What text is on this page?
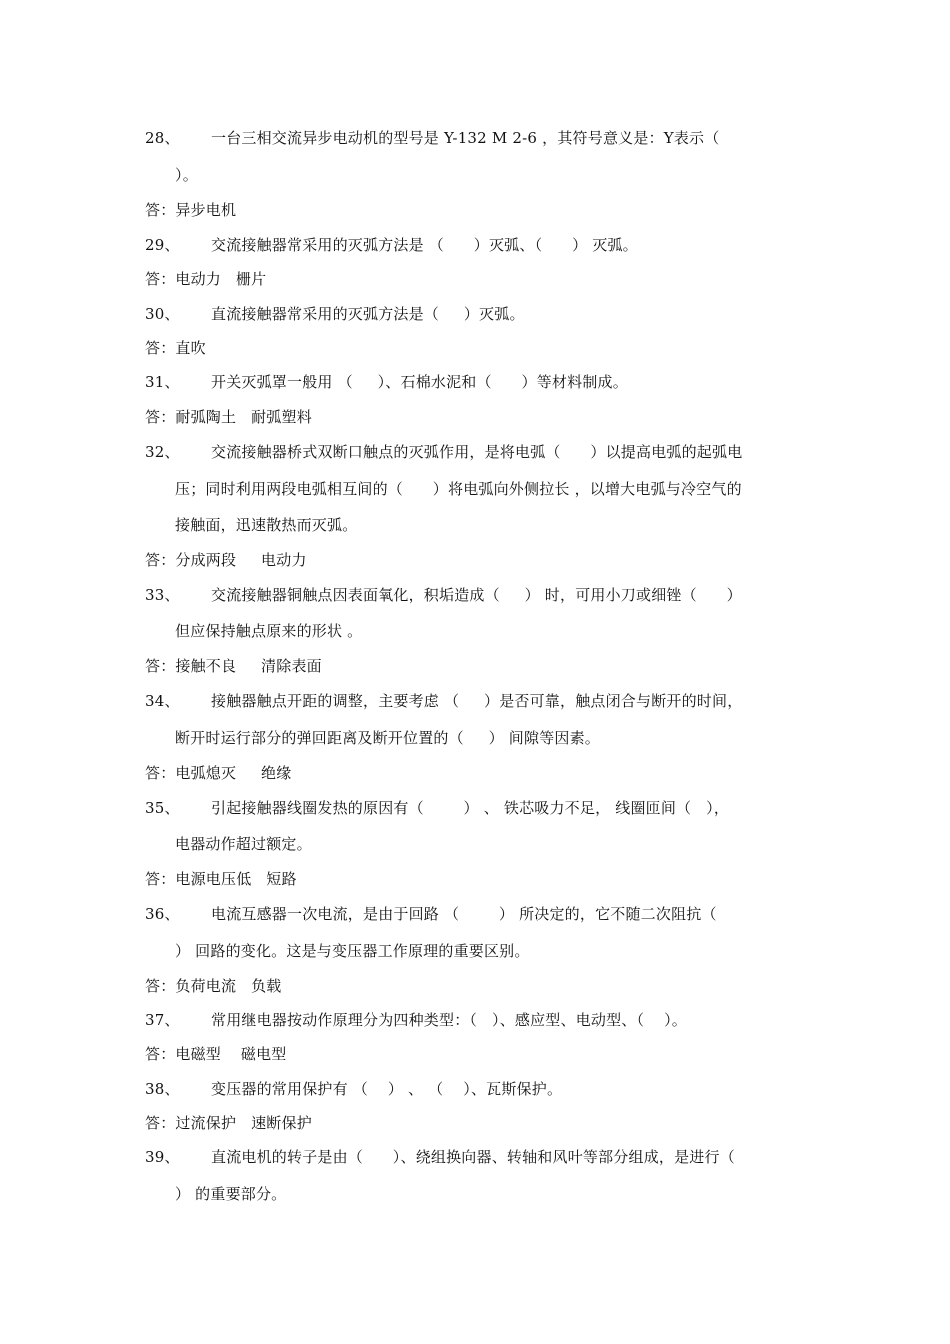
28、 一台三相交流异步电动机的型号是 Y-132 M 2-6 ，其符号意义是：Y表示（
）。
答：异步电机
29、 交流接触器常采用的灭弧方法是 （      ）灭弧、（      ） 灭弧。
答：电动力   栅片
30、 直流接触器常采用的灭弧方法是（     ）灭弧。
答：直吹
31、 开关灭弧罩一般用 （     ）、石棉水泥和（      ）等材料制成。
答：耐弧陶土   耐弧塑料
32、 交流接触器桥式双断口触点的灭弧作用，是将电弧（      ）以提高电弧的起弧电
压；同时利用两段电弧相互间的（      ）将电弧向外侧拉长 ，以增大电弧与冷空气的
接触面，迅速散热而灭弧。
答：分成两段     电动力
33、 交流接触器铜触点因表面氧化，积垢造成（     ） 时，可用小刀或细锉（      ）
但应保持触点原来的形状 。
答：接触不良     清除表面
34、 接触器触点开距的调整，主要考虑 （     ）是否可靠，触点闭合与断开的时间，
断开时运行部分的弹回距离及断开位置的（     ） 间隙等因素。
答：电弧熄灭     绝缘
35、 引起接触器线圈发热的原因有（        ） 、 铁芯吸力不足， 线圈匝间（   ），
电器动作超过额定。
答：电源电压低   短路
36、 电流互感器一次电流，是由于回路 （        ） 所决定的，它不随二次阻抗（
） 回路的变化。这是与变压器工作原理的重要区别。
答：负荷电流   负载
37、 常用继电器按动作原理分为四种类型：（   ）、感应型、电动型、（    ）。
答：电磁型    磁电型
38、 变压器的常用保护有 （    ） 、 （    ）、瓦斯保护。
答：过流保护   速断保护
39、 直流电机的转子是由（      ）、绕组换向器、转轴和风叶等部分组成，是进行（
） 的重要部分。
